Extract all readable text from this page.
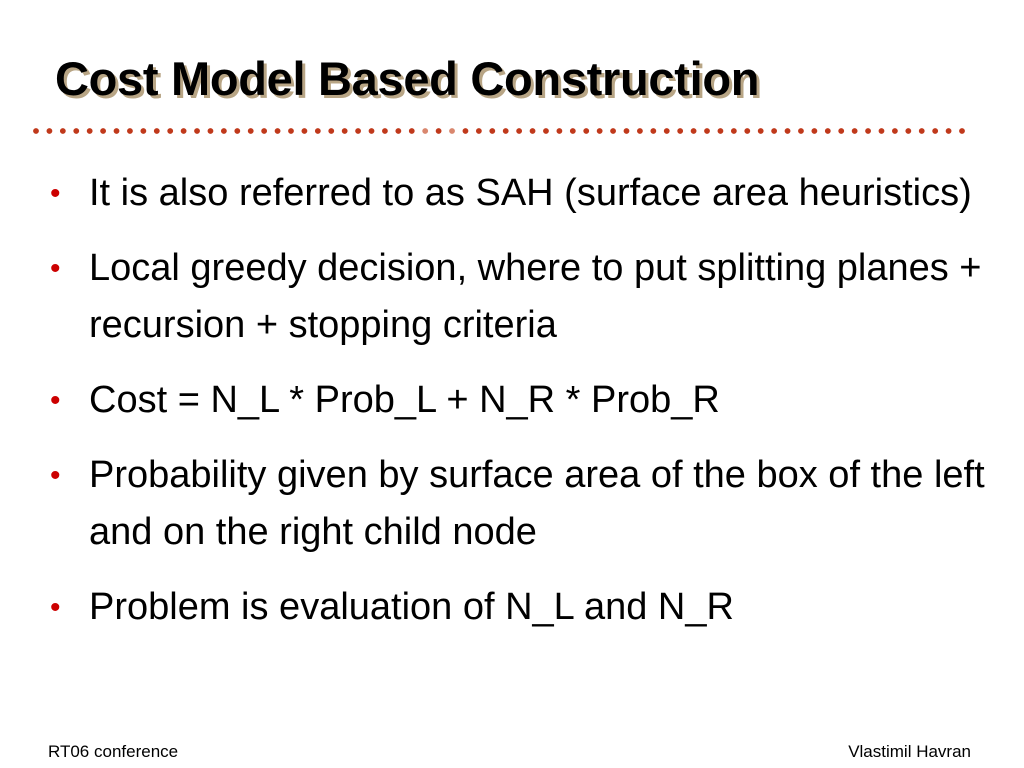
Cost Model Based Construction
• It is also referred to as SAH (surface area heuristics)
• Local greedy decision, where to put splitting planes + recursion + stopping criteria
• Cost = N_L * Prob_L + N_R * Prob_R
• Probability given by surface area of the box of the left and on the right child node
• Problem is evaluation of N_L and N_R
RT06 conference	Vlastimil Havran
